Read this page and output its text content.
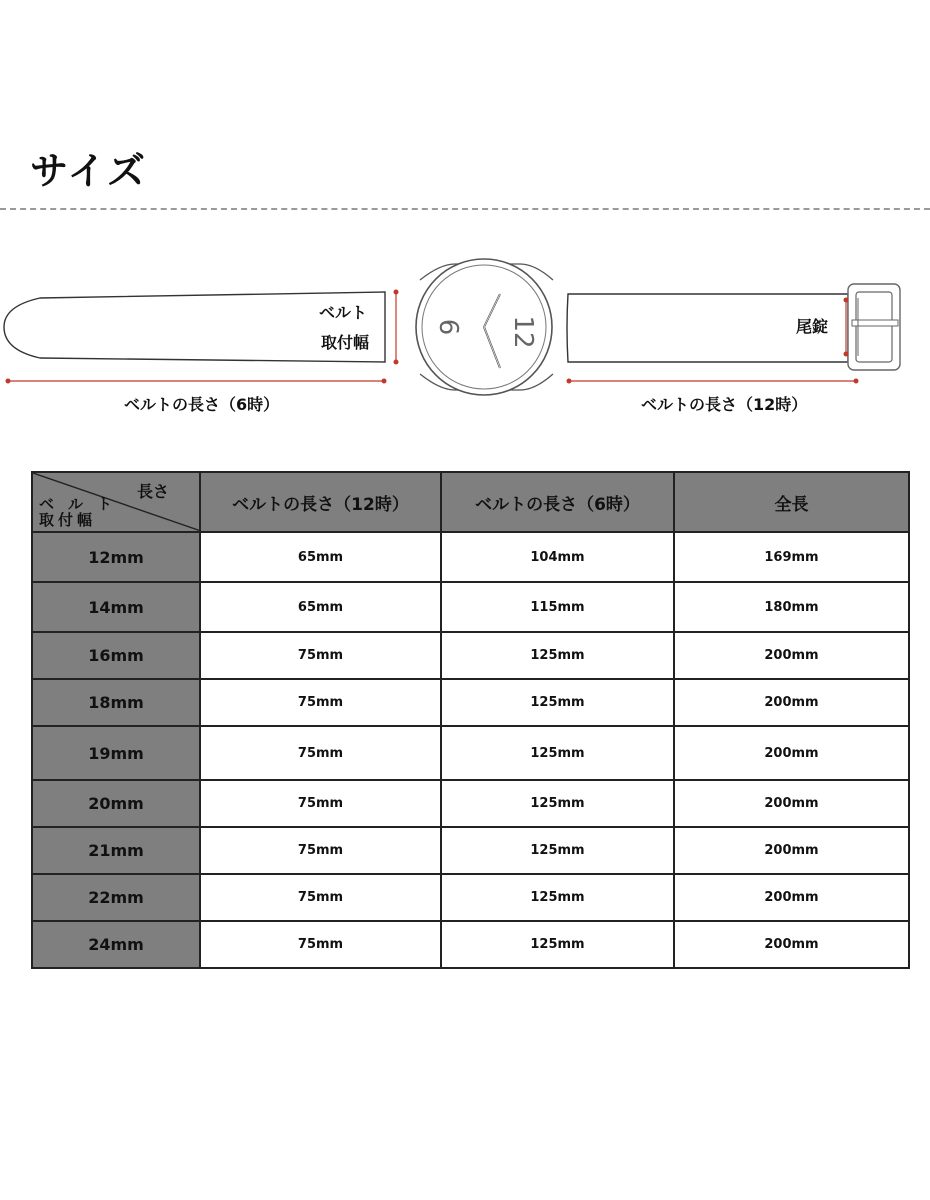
サイズ
12
6
ベルト
取付幅
ベルトの長さ（6時）
尾錠
ベルトの長さ（12時）
長さ
ベルト
取付幅	ベルトの長さ（12時）	ベルトの長さ（6時）	全長
12mm	65mm	104mm	169mm
14mm	65mm	115mm	180mm
16mm	75mm	125mm	200mm
18mm	75mm	125mm	200mm
19mm	75mm	125mm	200mm
20mm	75mm	125mm	200mm
21mm	75mm	125mm	200mm
22mm	75mm	125mm	200mm
24mm	75mm	125mm	200mm
